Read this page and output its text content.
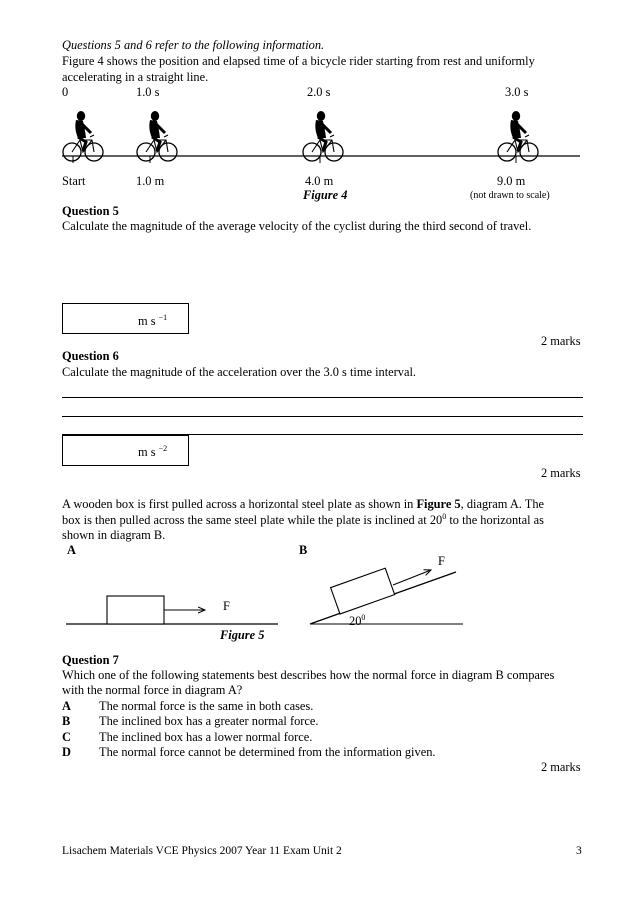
Questions 5 and 6 refer to the following information.
Figure 4 shows the position and elapsed time of a bicycle rider starting from rest and uniformly
accelerating in a straight line.
0	1.0 s	2.0 s	3.0 s
Start	1.0 m	4.0 m	9.0 m
Figure 4	(not drawn to scale)
Question 5
Calculate the magnitude of the average velocity of the cyclist during the third second of travel.
m s $^{-1}$
2 marks
Question 6
Calculate the magnitude of the acceleration over the 3.0 s time interval.
m s $^{-2}$
2 marks
A wooden box is first pulled across a horizontal steel plate as shown in Figure 5, diagram A. The
box is then pulled across the same steel plate while the plate is inclined at $20^0$ to the horizontal as
shown in diagram B.
A	B
F
F
$20^0$
Figure 5
Question 7
Which one of the following statements best describes how the normal force in diagram B compares
with the normal force in diagram A?
A The normal force is the same in both cases.
B The inclined box has a greater normal force.
C The inclined box has a lower normal force.
D The normal force cannot be determined from the information given.
2 marks
Lisachem Materials VCE Physics 2007 Year 11 Exam Unit 2	3
